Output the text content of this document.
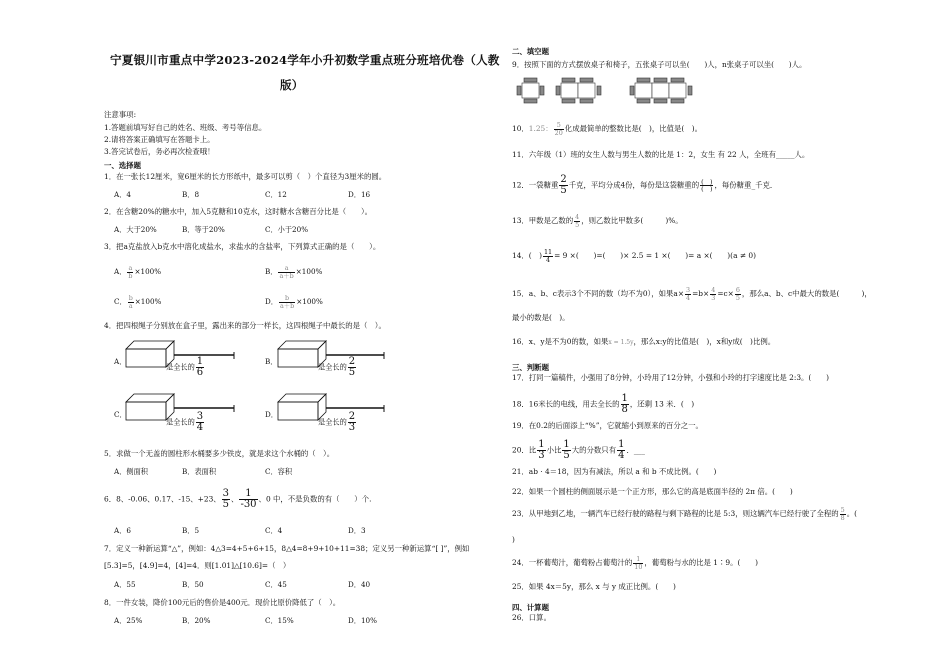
宁夏银川市重点中学2023-2024学年小升初数学重点班分班培优卷（人教
版）
注意事项:
1.答题前填写好自己的姓名、班级、考号等信息。
2.请将答案正确填写在答题卡上。
3.答完试卷后，务必再次检查哦！
一、选择题
1．在一张长12厘米，宽6厘米的长方形纸中，最多可以剪（　）个直径为3厘米的圆。
A．4	B．8	C．12	D．16
2．在含糖20%的糖水中，加入5克糖和10克水，这时糖水含糖百分比是（　　）。
A．大于20%	B．等于20%	C．小于20%
3．把a克盐放入b克水中溶化成盐水，求盐水的含盐率，下列算式正确的是（　　）。
A． $\frac{a}{b} \times 100\%$	B． $\frac{a}{a+b} \times 100\%$
C． $\frac{b}{a} \times 100\%$	D． $\frac{b}{a+b} \times 100\%$
4．把四根绳子分别放在盒子里，露出来的部分一样长，这四根绳子中最长的是（　）。
A．
是全长的 $\frac{1}{6}$	B．
是全长的 $\frac{2}{5}$
C．
是全长的 $\frac{3}{4}$	D．
是全长的 $\frac{2}{3}$
5．求做一个无盖的圆柱形水桶要多少铁皮，就是求这个水桶的（　）。
A．侧面积	B．表面积	C．容积
6．8、-0.06、0.17、-15、+23、 $\frac{3}{5}$ 、 $\frac{1}{-30}$ 、0 中，不是负数的有（　　）个.
A．6	B．5	C．4	D．3
7．定义一种新运算“△”，例如：4△3=4+5+6+15，8△4=8+9+10+11=38；定义另一种新运算“[ ]”，例如
[5.3]=5，[4.9]=4，[4]=4．则[1.01]△[10.6]=（　）
A．55	B．50	C．45	D．40
8．一件女装，降价100元后的售价是400元．现价比原价降低了（　）。
A．25%	B．20%	C．15%	D．10%
二、填空题
9．按照下面的方式摆放桌子和椅子，五张桌子可以坐(　　)人，n张桌子可以坐(　　)人。
10．1.25： $\frac{5}{20}$ 化成最简单的整数比是(　)，比值是(　)。
11．六年级（1）班的女生人数与男生人数的比是 1：2，女生 有 22 人，全班有_____人。
12．一袋糖重 $\frac{2}{5}$ 千克，平均分成4份，每份是这袋糖重的 $\frac{( )}{( )}$ ，每份糖重_千克．
13．甲数是乙数的 $\frac{4}{5}$ ，则乙数比甲数多(　　　)%。
14．(　) $\frac{11}{4} = 9$ ×(　　)=(　　)× 2.5 = 1 ×(　　)= a ×(　　)(a ≠ 0)
15．a、b、c表示3个不同的数（均不为0），如果$a\times \frac{3}{4} =b\times \frac{4}{3} =c\times \frac{6}{5}$ ，那么a、b、c中最大的数是(　　　)，
最小的数是(　)。
16．x、y是不为0的数，如果x = 1.5y，那么x:y的比值是(　)，x和y成(　)比例。
三、判断题
17．打同一篇稿件，小强用了8分钟，小玲用了12分钟，小强和小玲的打字速度比是 2:3。(　　)
18．16米长的电线，用去全长的 $\frac{1}{8}$ ，还剩 13 米．(　)
19．在0.2的后面添上“%”，它就缩小到原来的百分之一。
20．比 $\frac{1}{3}$ 小比 $\frac{1}{5}$ 大的分数只有 $\frac{1}{4}$ ．___
21．ab · 4＝18，因为有减法，所以 a 和 b 不成比例。(　　)
22．如果一个圆柱的侧面展示是一个正方形，那么它的高是底面半径的 2π 倍。(　　)
23．从甲地到乙地，一辆汽车已经行驶的路程与剩下路程的比是 5:3，则这辆汽车已经行驶了全程的 $\frac{5}{8}$ 。(
)
24．一杯葡萄汁，葡萄粉占葡萄汁的 $\frac{1}{10}$ ，葡萄粉与水的比是 1∶9。(　　)
25．如果 4x＝5y，那么 x 与 y 成正比例。(　　)
四、计算题
26．口算。
